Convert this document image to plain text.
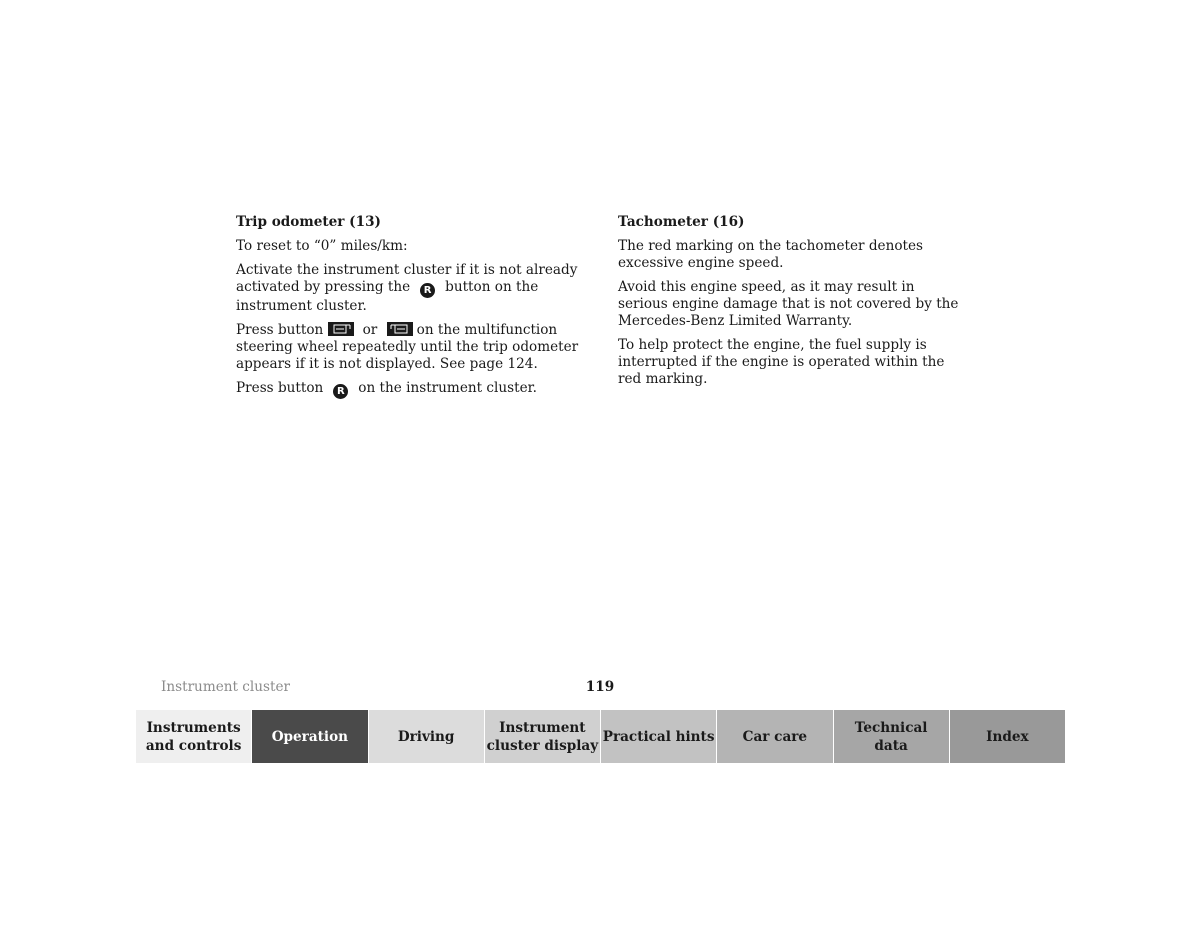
Trip odometer (13)

To reset to “0” miles/km:

Activate the instrument cluster if it is not already activated by pressing the R button on the instrument cluster.

Press button	or	on the multifunction steering wheel repeatedly until the trip odometer appears if it is not displayed. See page 124.

Press button R on the instrument cluster.

Tachometer (16)

The red marking on the tachometer denotes excessive engine speed.

Avoid this engine speed, as it may result in serious engine damage that is not covered by the Mercedes-Benz Limited Warranty.

To help protect the engine, the fuel supply is interrupted if the engine is operated within the red marking.

Instrument cluster	119
Instruments
and controls
Operation	Driving
Instrument
cluster display
Practical hints Car care
Technical
data
Index
